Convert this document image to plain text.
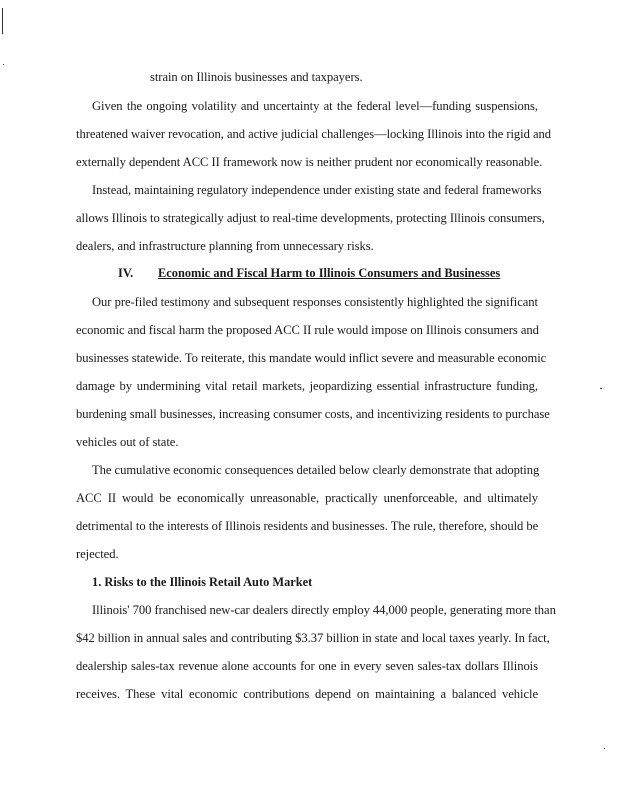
strain on Illinois businesses and taxpayers.
Given the ongoing volatility and uncertainty at the federal level—funding suspensions,
threatened waiver revocation, and active judicial challenges—locking Illinois into the rigid and
externally dependent ACC II framework now is neither prudent nor economically reasonable.
Instead, maintaining regulatory independence under existing state and federal frameworks
allows Illinois to strategically adjust to real-time developments, protecting Illinois consumers,
dealers, and infrastructure planning from unnecessary risks.
IV. Economic and Fiscal Harm to Illinois Consumers and Businesses
Our pre-filed testimony and subsequent responses consistently highlighted the significant
economic and fiscal harm the proposed ACC II rule would impose on Illinois consumers and
businesses statewide. To reiterate, this mandate would inflict severe and measurable economic
damage by undermining vital retail markets, jeopardizing essential infrastructure funding,
burdening small businesses, increasing consumer costs, and incentivizing residents to purchase
vehicles out of state.
The cumulative economic consequences detailed below clearly demonstrate that adopting
ACC II would be economically unreasonable, practically unenforceable, and ultimately
detrimental to the interests of Illinois residents and businesses. The rule, therefore, should be
rejected.
1. Risks to the Illinois Retail Auto Market
Illinois' 700 franchised new-car dealers directly employ 44,000 people, generating more than
$42 billion in annual sales and contributing $3.37 billion in state and local taxes yearly. In fact,
dealership sales-tax revenue alone accounts for one in every seven sales-tax dollars Illinois
receives. These vital economic contributions depend on maintaining a balanced vehicle
